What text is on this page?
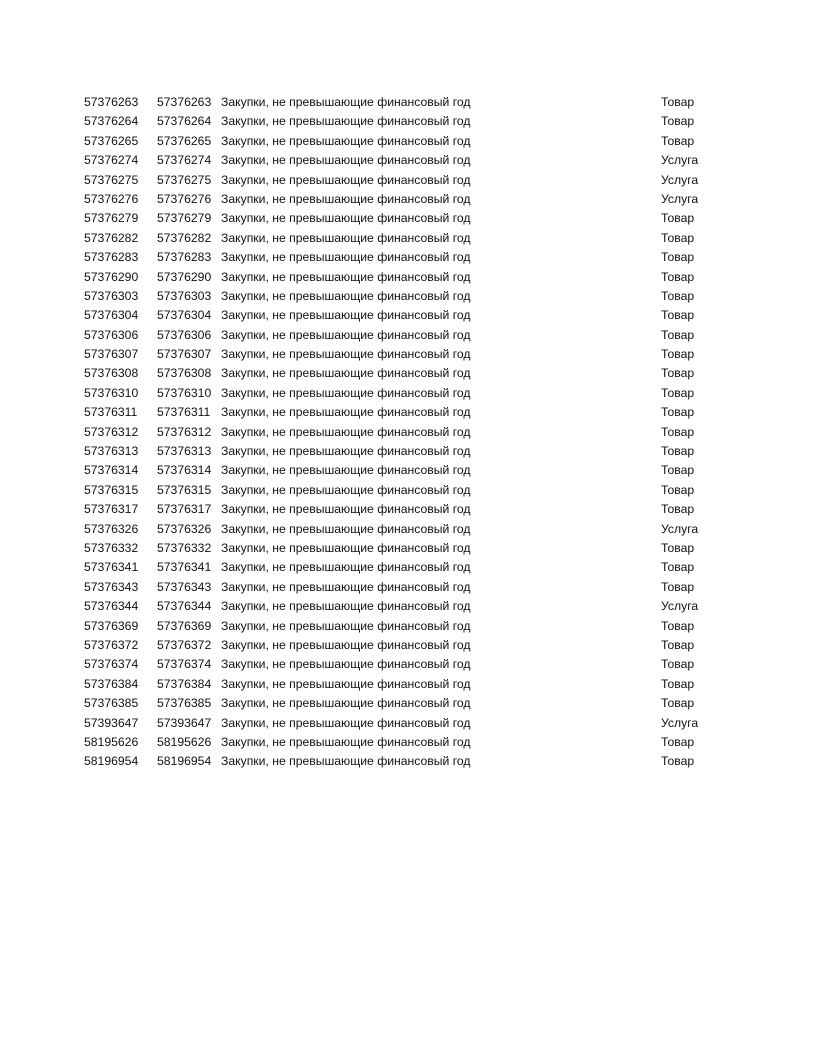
57376263 57376263 Закупки, не превышающие финансовый год	Товар
57376264 57376264 Закупки, не превышающие финансовый год	Товар
57376265 57376265 Закупки, не превышающие финансовый год	Товар
57376274 57376274 Закупки, не превышающие финансовый год	Услуга
57376275 57376275 Закупки, не превышающие финансовый год	Услуга
57376276 57376276 Закупки, не превышающие финансовый год	Услуга
57376279 57376279 Закупки, не превышающие финансовый год	Товар
57376282 57376282 Закупки, не превышающие финансовый год	Товар
57376283 57376283 Закупки, не превышающие финансовый год	Товар
57376290 57376290 Закупки, не превышающие финансовый год	Товар
57376303 57376303 Закупки, не превышающие финансовый год	Товар
57376304 57376304 Закупки, не превышающие финансовый год	Товар
57376306 57376306 Закупки, не превышающие финансовый год	Товар
57376307 57376307 Закупки, не превышающие финансовый год	Товар
57376308 57376308 Закупки, не превышающие финансовый год	Товар
57376310 57376310 Закупки, не превышающие финансовый год	Товар
57376311 57376311 Закупки, не превышающие финансовый год	Товар
57376312 57376312 Закупки, не превышающие финансовый год	Товар
57376313 57376313 Закупки, не превышающие финансовый год	Товар
57376314 57376314 Закупки, не превышающие финансовый год	Товар
57376315 57376315 Закупки, не превышающие финансовый год	Товар
57376317 57376317 Закупки, не превышающие финансовый год	Товар
57376326 57376326 Закупки, не превышающие финансовый год	Услуга
57376332 57376332 Закупки, не превышающие финансовый год	Товар
57376341 57376341 Закупки, не превышающие финансовый год	Товар
57376343 57376343 Закупки, не превышающие финансовый год	Товар
57376344 57376344 Закупки, не превышающие финансовый год	Услуга
57376369 57376369 Закупки, не превышающие финансовый год	Товар
57376372 57376372 Закупки, не превышающие финансовый год	Товар
57376374 57376374 Закупки, не превышающие финансовый год	Товар
57376384 57376384 Закупки, не превышающие финансовый год	Товар
57376385 57376385 Закупки, не превышающие финансовый год	Товар
57393647 57393647 Закупки, не превышающие финансовый год	Услуга
58195626 58195626 Закупки, не превышающие финансовый год	Товар
58196954 58196954 Закупки, не превышающие финансовый год	Товар
